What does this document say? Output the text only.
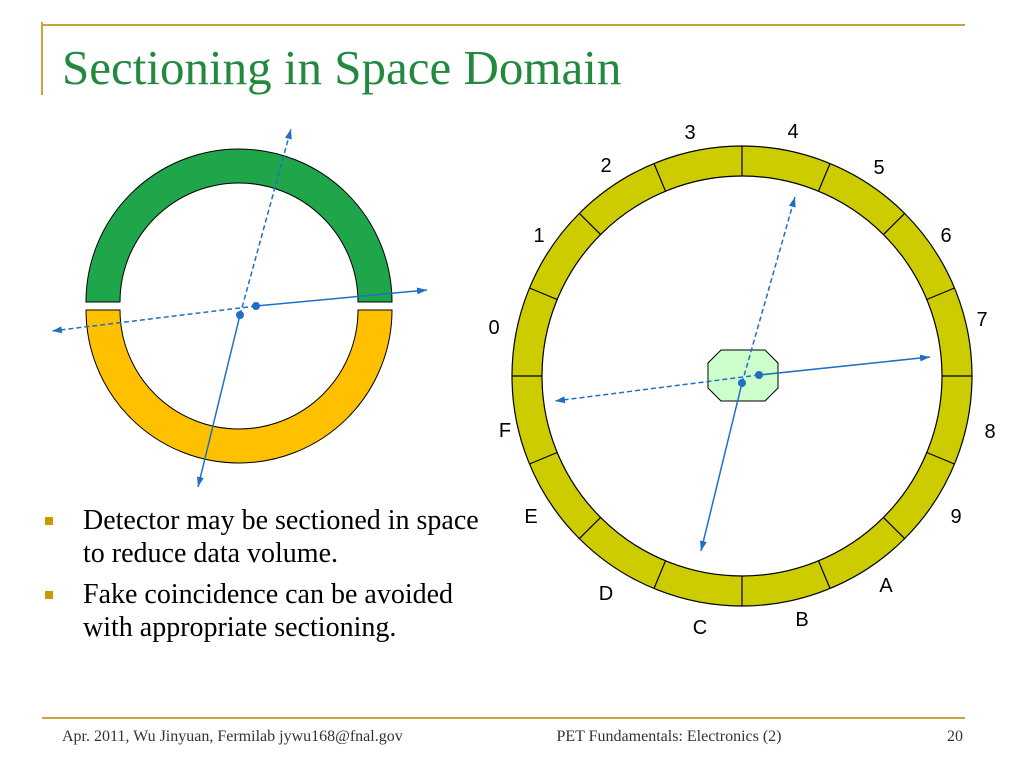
Sectioning in Space Domain
0
1
2
3	4
5
6
7
8
9
A
B
C
D
E
F
Detector may be sectioned in space to reduce data volume.
Fake coincidence can be avoided with appropriate sectioning.
Apr. 2011, Wu Jinyuan, Fermilab jywu168@fnal.gov	PET Fundamentals: Electronics (2)	20
